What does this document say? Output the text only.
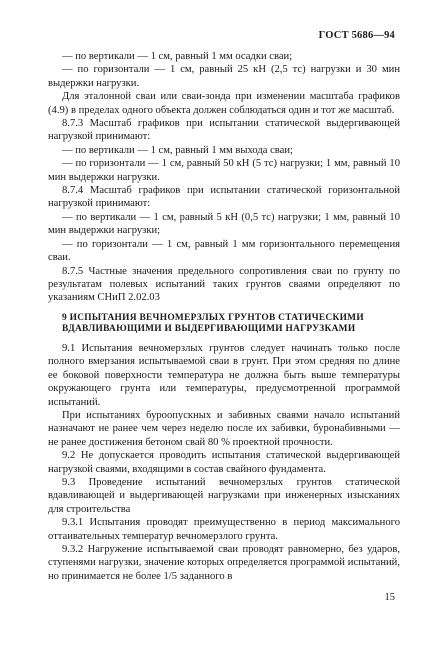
ГОСТ 5686—94

— по вертикали — 1 см, равный 1 мм осадки сваи;

— по горизонтали — 1 см, равный 25 кН (2,5 тс) нагрузки и 30 мин выдержки нагрузки.

Для эталонной сваи или сваи-зонда при изменении масштаба графиков (4.9) в пределах одного объекта должен соблюдаться один и тот же масштаб.

8.7.3 Масштаб графиков при испытании статической выдергивающей нагрузкой принимают:

— по вертикали — 1 см, равный 1 мм выхода сваи;

— по горизонтали — 1 см, равный 50 кН (5 тс) нагрузки; 1 мм, равный 10 мин выдержки нагрузки.

8.7.4 Масштаб графиков при испытании статической горизонтальной нагрузкой принимают:

— по вертикали — 1 см, равный 5 кН (0,5 тс) нагрузки; 1 мм, равный 10 мин выдержки нагрузки;

— по горизонтали — 1 см, равный 1 мм горизонтального перемещения сваи.

8.7.5 Частные значения предельного сопротивления сваи по грунту по результатам полевых испытаний таких грунтов сваями определяют по указаниям СНиП 2.02.03

9 ИСПЫТАНИЯ ВЕЧНОМЕРЗЛЫХ ГРУНТОВ СТАТИЧЕСКИМИ
ВДАВЛИВАЮЩИМИ И ВЫДЕРГИВАЮЩИМИ НАГРУЗКАМИ

9.1 Испытания вечномерзлых грунтов следует начинать только после полного вмерзания испытываемой сваи в грунт. При этом средняя по длине ее боковой поверхности температура не должна быть выше температуры окружающего грунта или температуры, предусмотренной программой испытаний.

При испытаниях буроопускных и забивных сваями начало испытаний назначают не ранее чем через неделю после их забивки, буронабивными — не ранее достижения бетоном свай 80 % проектной прочности.

9.2 Не допускается проводить испытания статической выдергивающей нагрузкой сваями, входящими в состав свайного фундамента.

9.3 Проведение испытаний вечномерзлых грунтов статической вдавливающей и выдергивающей нагрузками при инженерных изысканиях для строительства

9.3.1 Испытания проводят преимущественно в период максимального оттаивательных температур вечномерзлого грунта.

9.3.2 Нагружение испытываемой сваи проводят равномерно, без ударов, ступенями нагрузки, значение которых определяется программой испытаний, но принимается не более 1/5 заданного в

15
